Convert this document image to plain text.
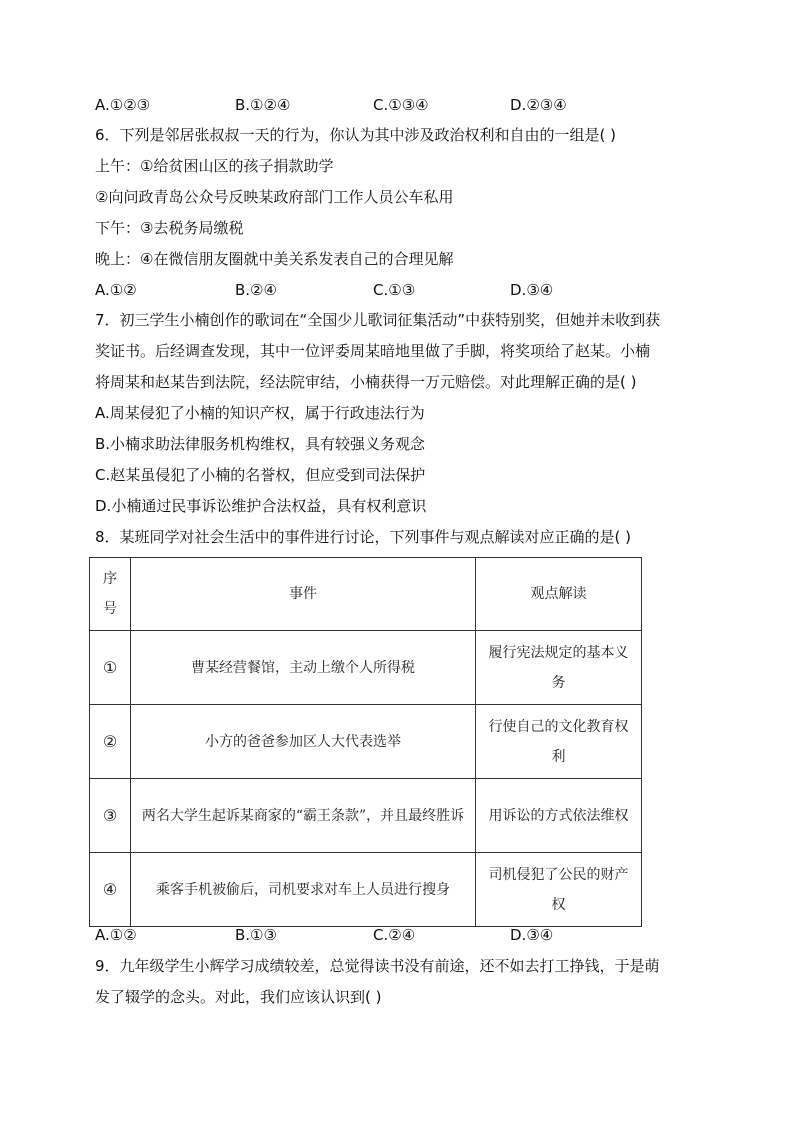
A.①②③	B.①②④	C.①③④	D.②③④
6．下列是邻居张叔叔一天的行为，你认为其中涉及政治权利和自由的一组是( )
上午：①给贫困山区的孩子捐款助学
②向问政青岛公众号反映某政府部门工作人员公车私用
下午：③去税务局缴税
晚上：④在微信朋友圈就中美关系发表自己的合理见解
A.①②	B.②④	C.①③	D.③④
7．初三学生小楠创作的歌词在“全国少儿歌词征集活动”中获特别奖，但她并未收到获
奖证书。后经调查发现，其中一位评委周某暗地里做了手脚，将奖项给了赵某。小楠
将周某和赵某告到法院，经法院审结，小楠获得一万元赔偿。对此理解正确的是( )
A.周某侵犯了小楠的知识产权，属于行政违法行为
B.小楠求助法律服务机构维权，具有较强义务观念
C.赵某虽侵犯了小楠的名誉权，但应受到司法保护
D.小楠通过民事诉讼维护合法权益，具有权利意识
8．某班同学对社会生活中的事件进行讨论，下列事件与观点解读对应正确的是( )
序号	事件	观点解读
①	曹某经营餐馆，主动上缴个人所得税	履行宪法规定的基本义务
②	小方的爸爸参加区人大代表选举	行使自己的文化教育权利
③	两名大学生起诉某商家的“霸王条款”，并且最终胜诉	用诉讼的方式依法维权
④	乘客手机被偷后，司机要求对车上人员进行搜身	司机侵犯了公民的财产权
A.①②	B.①③	C.②④	D.③④
9．九年级学生小辉学习成绩较差，总觉得读书没有前途，还不如去打工挣钱，于是萌
发了辍学的念头。对此，我们应该认识到( )
